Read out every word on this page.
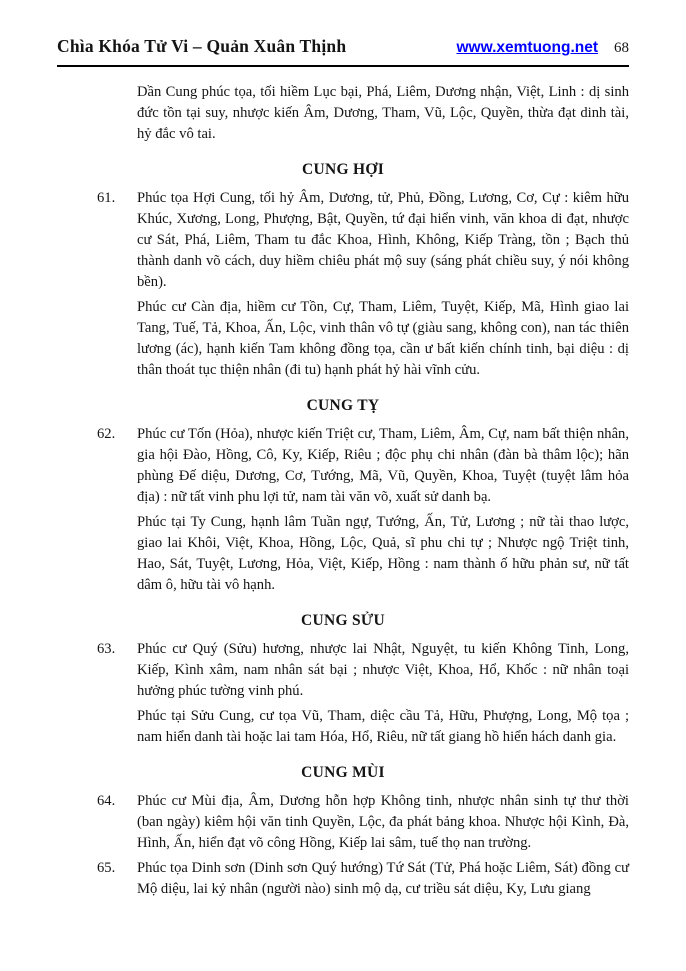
Chìa Khóa Tử Vi – Quản Xuân Thịnh	www.xemtuong.net 68

Dần Cung phúc tọa, tối hiềm Lục bại, Phá, Liêm, Dương nhận, Việt, Linh : dị sinh đức tồn tại suy, nhược kiến Âm, Dương, Tham, Vũ, Lộc, Quyền, thừa đạt dinh tài, hỷ đắc vô tai.

CUNG HỢI
61.	Phúc tọa Hợi Cung, tối hỷ Âm, Dương, tử, Phủ, Đồng, Lương, Cơ, Cự : kiêm hữu Khúc, Xương, Long, Phượng, Bật, Quyền, tứ đại hiển vinh, văn khoa di đạt, nhược cư Sát, Phá, Liêm, Tham tu đắc Khoa, Hình, Không, Kiếp Tràng, tồn ; Bạch thủ thành danh võ cách, duy hiềm chiêu phát mộ suy (sáng phát chiều suy, ý nói không bền).

Phúc cư Càn địa, hiềm cư Tồn, Cự, Tham, Liêm, Tuyệt, Kiếp, Mã, Hình giao lai Tang, Tuế, Tả, Khoa, Ấn, Lộc, vinh thân vô tự (giàu sang, không con), nan tác thiên lương (ác), hạnh kiến Tam không đồng tọa, cần ư bất kiến chính tinh, bại diệu : dị thân thoát tục thiện nhân (đi tu) hạnh phát hỷ hài vĩnh cửu.

CUNG TỴ
62.	Phúc cư Tốn (Hỏa), nhược kiến Triệt cư, Tham, Liêm, Âm, Cự, nam bất thiện nhân, gia hội Đào, Hồng, Cô, Ky, Kiếp, Riêu ; độc phụ chi nhân (đàn bà thâm lộc); hãn phùng Đế diệu, Dương, Cơ, Tướng, Mã, Vũ, Quyền, Khoa, Tuyệt (tuyệt lâm hỏa địa) : nữ tất vinh phu lợi tử, nam tài văn võ, xuất sử danh bạ.

Phúc tại Ty Cung, hạnh lâm Tuần ngự, Tướng, Ấn, Tử, Lương ; nữ tài thao lược, giao lai Khôi, Việt, Khoa, Hồng, Lộc, Quả, sĩ phu chi tự ; Nhược ngộ Triệt tinh, Hao, Sát, Tuyệt, Lương, Hỏa, Việt, Kiếp, Hồng : nam thành ố hữu phản sư, nữ tất dâm ô, hữu tài vô hạnh.

CUNG SỬU
63.	Phúc cư Quý (Sửu) hương, nhược lai Nhật, Nguyệt, tu kiến Không Tinh, Long, Kiếp, Kình xâm, nam nhân sát bại ; nhược Việt, Khoa, Hổ, Khốc : nữ nhân toại hưởng phúc tường vinh phú.

Phúc tại Sửu Cung, cư tọa Vũ, Tham, diệc cầu Tả, Hữu, Phượng, Long, Mộ tọa ; nam hiển danh tài hoặc lai tam Hóa, Hổ, Riêu, nữ tất giang hồ hiển hách danh gia.

CUNG MÙI
64.	Phúc cư Mùi địa, Âm, Dương hỗn hợp Không tinh, nhược nhân sinh tự thư thời (ban ngày) kiêm hội văn tinh Quyền, Lộc, đa phát bảng khoa. Nhược hội Kình, Đà, Hình, Ấn, hiển đạt võ công Hồng, Kiếp lai sâm, tuế thọ nan trường.

65.	Phúc tọa Dinh sơn (Dinh sơn Quý hướng) Tứ Sát (Tử, Phá hoặc Liêm, Sát) đồng cư Mộ diệu, lai kỷ nhân (người nào) sinh mộ dạ, cư triều sát diệu, Ky, Lưu giang
